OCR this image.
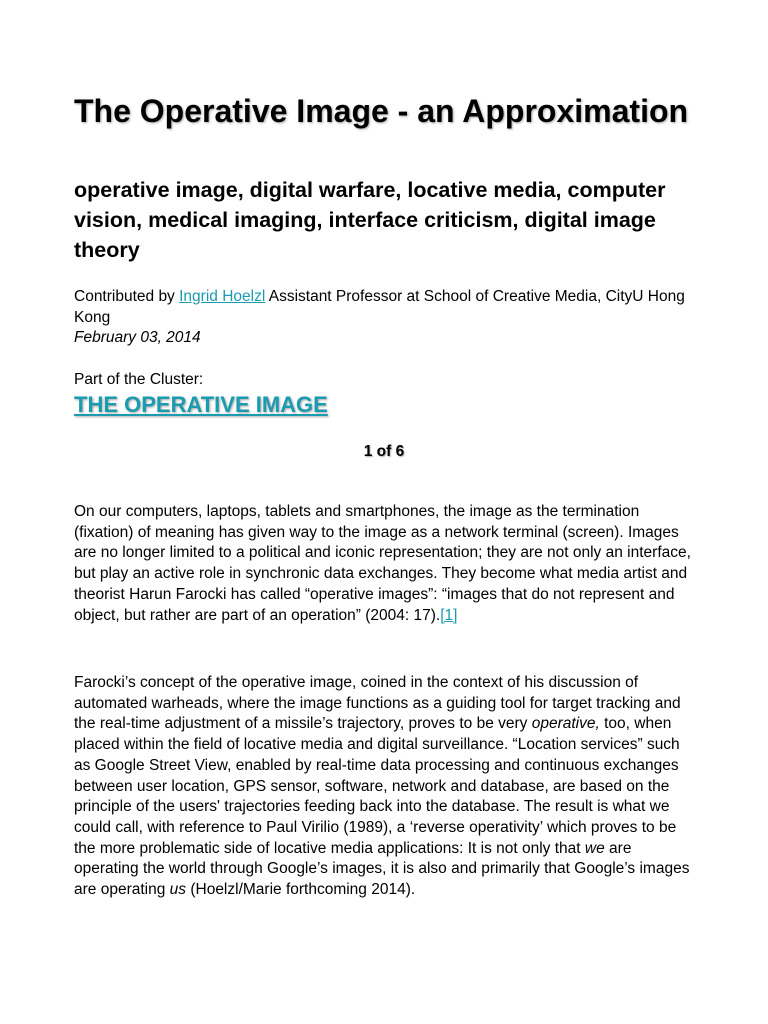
The Operative Image - an Approximation
operative image, digital warfare, locative media, computer vision, medical imaging, interface criticism, digital image theory
Contributed by Ingrid Hoelzl Assistant Professor at School of Creative Media, CityU Hong Kong
February 03, 2014
Part of the Cluster:
THE OPERATIVE IMAGE
1 of 6

On our computers, laptops, tablets and smartphones, the image as the termination (fixation) of meaning has given way to the image as a network terminal (screen). Images are no longer limited to a political and iconic representation; they are not only an interface, but play an active role in synchronic data exchanges. They become what media artist and theorist Harun Farocki has called “operative images”: “images that do not represent and object, but rather are part of an operation” (2004: 17).[1]

Farocki’s concept of the operative image, coined in the context of his discussion of automated warheads, where the image functions as a guiding tool for target tracking and the real-time adjustment of a missile’s trajectory, proves to be very operative, too, when placed within the field of locative media and digital surveillance. “Location services” such as Google Street View, enabled by real-time data processing and continuous exchanges between user location, GPS sensor, software, network and database, are based on the principle of the users' trajectories feeding back into the database. The result is what we could call, with reference to Paul Virilio (1989), a ‘reverse operativity’ which proves to be the more problematic side of locative media applications: It is not only that we are operating the world through Google’s images, it is also and primarily that Google’s images are operating us (Hoelzl/Marie forthcoming 2014).
